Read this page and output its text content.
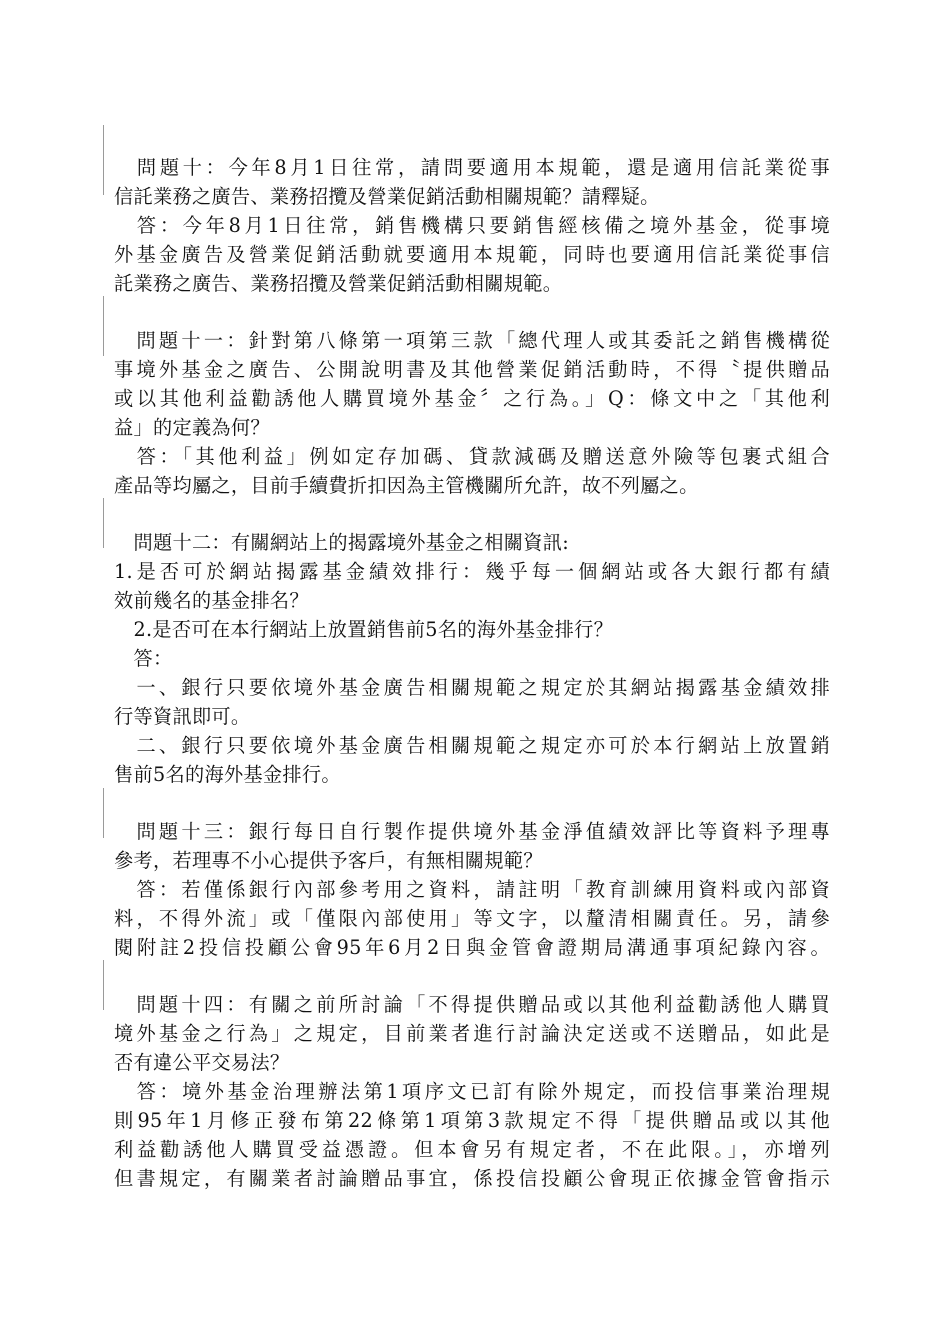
　問題十：今年8月1日往常，請問要適用本規範，還是適用信託業從事
信託業務之廣告、業務招攬及營業促銷活動相關規範？請釋疑。
　答：今年8月1日往常，銷售機構只要銷售經核備之境外基金，從事境
外基金廣告及營業促銷活動就要適用本規範，同時也要適用信託業從事信
託業務之廣告、業務招攬及營業促銷活動相關規範。
　問題十一：針對第八條第一項第三款「總代理人或其委託之銷售機構從
事境外基金之廣告、公開說明書及其他營業促銷活動時，不得〝提供贈品
或以其他利益勸誘他人購買境外基金〞之行為。」Q：條文中之「其他利
益」的定義為何？
　答：「其他利益」例如定存加碼、貸款減碼及贈送意外險等包裹式組合
產品等均屬之，目前手續費折扣因為主管機關所允許，故不列屬之。
　問題十二：有關網站上的揭露境外基金之相關資訊:
1.是否可於網站揭露基金績效排行：幾乎每一個網站或各大銀行都有績
效前幾名的基金排名？
　2.是否可在本行網站上放置銷售前5名的海外基金排行？
　答：
　一、銀行只要依境外基金廣告相關規範之規定於其網站揭露基金績效排
行等資訊即可。
　二、銀行只要依境外基金廣告相關規範之規定亦可於本行網站上放置銷
售前5名的海外基金排行。
　問題十三：銀行每日自行製作提供境外基金淨值績效評比等資料予理專
參考，若理專不小心提供予客戶，有無相關規範？
　答：若僅係銀行內部參考用之資料，請註明「教育訓練用資料或內部資
料，不得外流」或「僅限內部使用」等文字，以釐清相關責任。另，請參
閱附註2投信投顧公會95年6月2日與金管會證期局溝通事項紀錄內容。
　問題十四：有關之前所討論「不得提供贈品或以其他利益勸誘他人購買
境外基金之行為」之規定，目前業者進行討論決定送或不送贈品，如此是
否有違公平交易法？
　答：境外基金治理辦法第1項序文已訂有除外規定，而投信事業治理規
則95年1月修正發布第22條第1項第3款規定不得「提供贈品或以其他
利益勸誘他人購買受益憑證。但本會另有規定者，不在此限。」，亦增列
但書規定，有關業者討論贈品事宜，係投信投顧公會現正依據金管會指示
